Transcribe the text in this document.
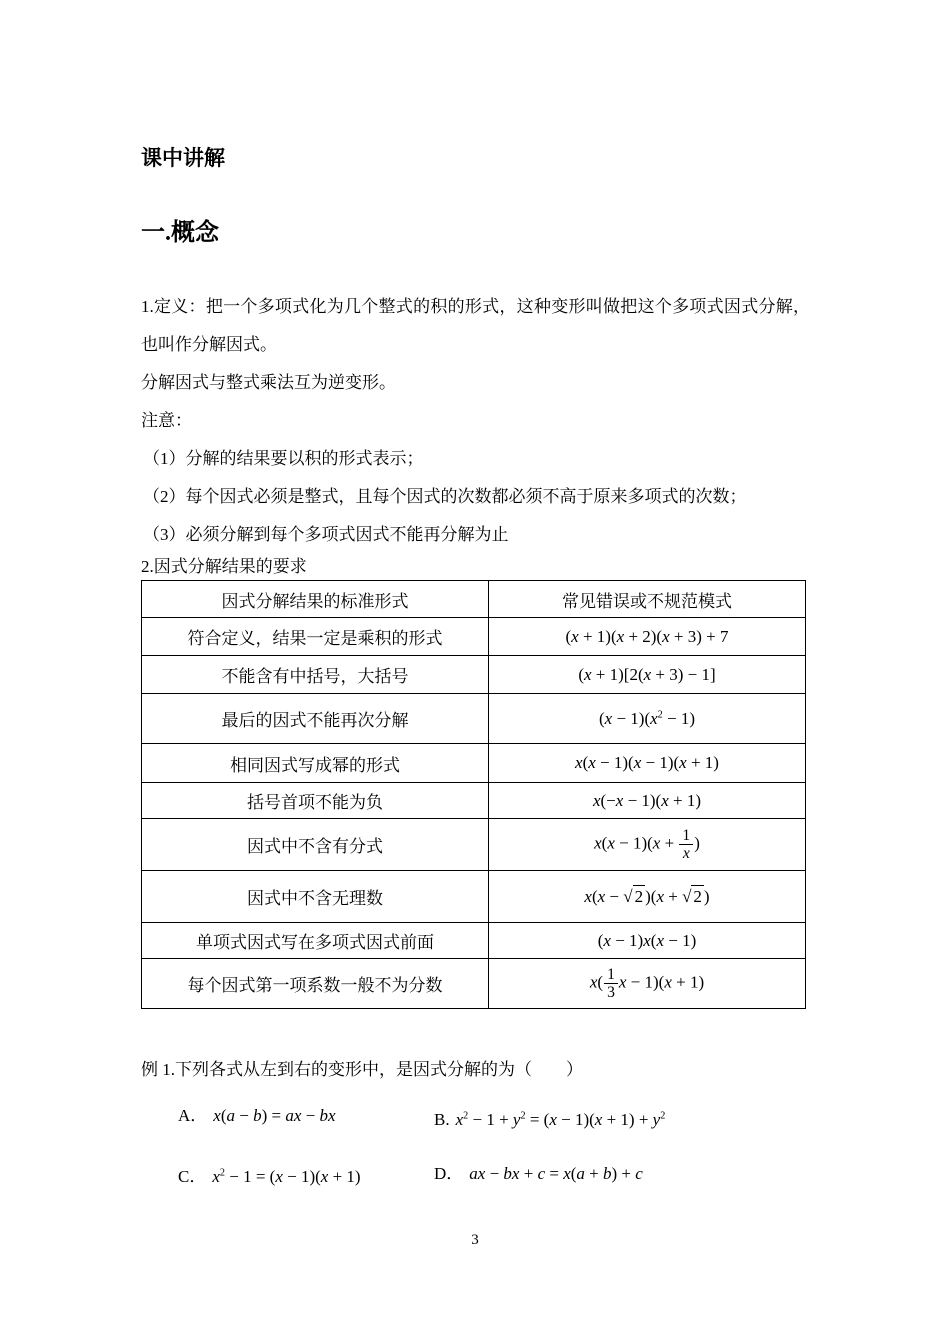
课中讲解
一.概念

1.定义：把一个多项式化为几个整式的积的形式，这种变形叫做把这个多项式因式分解，也叫作分解因式。

分解因式与整式乘法互为逆变形。

注意：

（1）分解的结果要以积的形式表示；

（2）每个因式必须是整式，且每个因式的次数都必须不高于原来多项式的次数；

（3）必须分解到每个多项式因式不能再分解为止

2.因式分解结果的要求

因式分解结果的标准形式	常见错误或不规范模式
符合定义，结果一定是乘积的形式	(x + 1)(x + 2)(x + 3) + 7
不能含有中括号，大括号	(x + 1)[2(x + 3) − 1]
最后的因式不能再次分解	$(x - 1)(x^2 - 1)$
相同因式写成幂的形式	x(x − 1)(x − 1)(x + 1)
括号首项不能为负	x(−x − 1)(x + 1)
因式中不含有分式	$x(x - 1)(x + \frac{1}{x}$ )
因式中不含无理数	x(x − √ 2 )(x + √ 2 )
单项式因式写在多项式因式前面	(x − 1)x(x − 1)
每个因式第一项系数一般不为分数	$x( \frac{1}{3}$ x − 1)(x + 1)

例 1.下列各式从左到右的变形中，是因式分解的为（　　）

A． x(a − b) = ax − bx	B. $x^2 - 1 + y^2 = (x - 1)(x + 1) + y^2$
C． $x^2 - 1 = (x - 1)(x + 1)$	D． ax − bx + c = x(a + b) + c
3
